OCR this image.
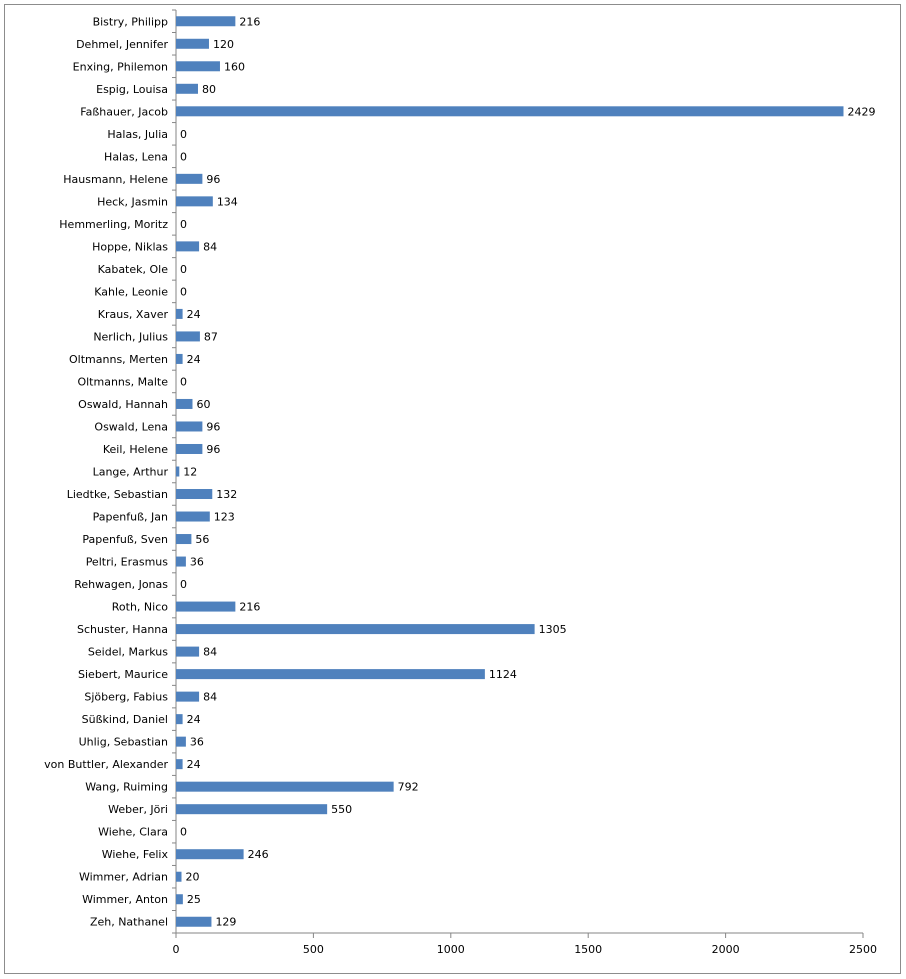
0	500	1000	1500	2000	2500
Bistry, Philipp	216
Dehmel, Jennifer	120
Enxing, Philemon	160
Espig, Louisa	80
Faßhauer, Jacob	2429
Halas, Julia 0
Halas, Lena 0
Hausmann, Helene	96
Heck, Jasmin	134
Hemmerling, Moritz 0
Hoppe, Niklas	84
Kabatek, Ole 0
Kahle, Leonie 0
Kraus, Xaver 24
Nerlich, Julius	87
Oltmanns, Merten 24
Oltmanns, Malte 0
Oswald, Hannah	60
Oswald, Lena	96
Keil, Helene	96
Lange, Arthur 12
Liedtke, Sebastian	132
Papenfuß, Jan	123
Papenfuß, Sven 56
Peltri, Erasmus 36
Rehwagen, Jonas 0
Roth, Nico	216
Schuster, Hanna	1305
Seidel, Markus	84
Siebert, Maurice	1124
Sjöberg, Fabius	84
Süßkind, Daniel 24
Uhlig, Sebastian 36
von Buttler, Alexander 24
Wang, Ruiming	792
Weber, Jöri	550
Wiehe, Clara 0
Wiehe, Felix	246
Wimmer, Adrian 20
Wimmer, Anton 25
Zeh, Nathanel	129
